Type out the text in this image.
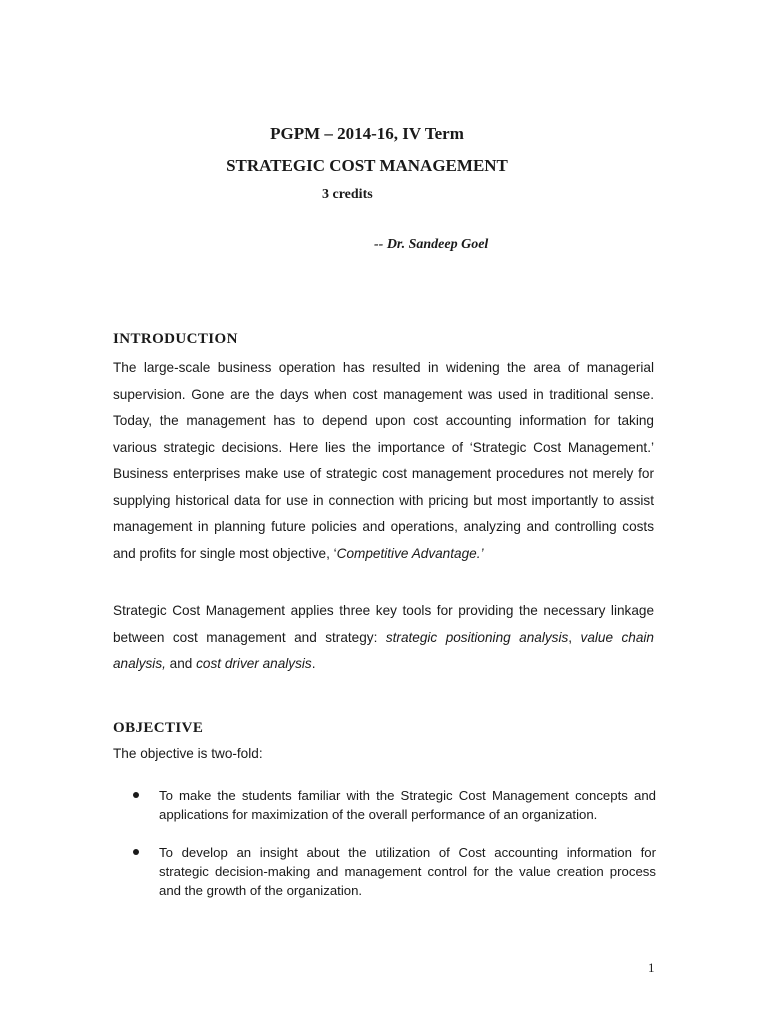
PGPM – 2014-16, IV Term
STRATEGIC COST MANAGEMENT
3 credits
-- Dr. Sandeep Goel
INTRODUCTION
The large-scale business operation has resulted in widening the area of managerial
supervision. Gone are the days when cost management was used in traditional sense.
Today, the management has to depend upon cost accounting information for taking
various strategic decisions. Here lies the importance of ‘Strategic Cost Management.’
Business enterprises make use of strategic cost management procedures not merely for
supplying historical data for use in connection with pricing but most importantly to assist
management in planning future policies and operations, analyzing and controlling costs
and profits for single most objective, ‘Competitive Advantage.’
Strategic Cost Management applies three key tools for providing the necessary linkage
between cost management and strategy: strategic positioning analysis, value chain
analysis, and cost driver analysis.
OBJECTIVE
The objective is two-fold:
To make the students familiar with the Strategic Cost Management concepts and
applications for maximization of the overall performance of an organization.
To develop an insight about the utilization of Cost accounting information for
strategic decision-making and management control for the value creation process
and the growth of the organization.
1
